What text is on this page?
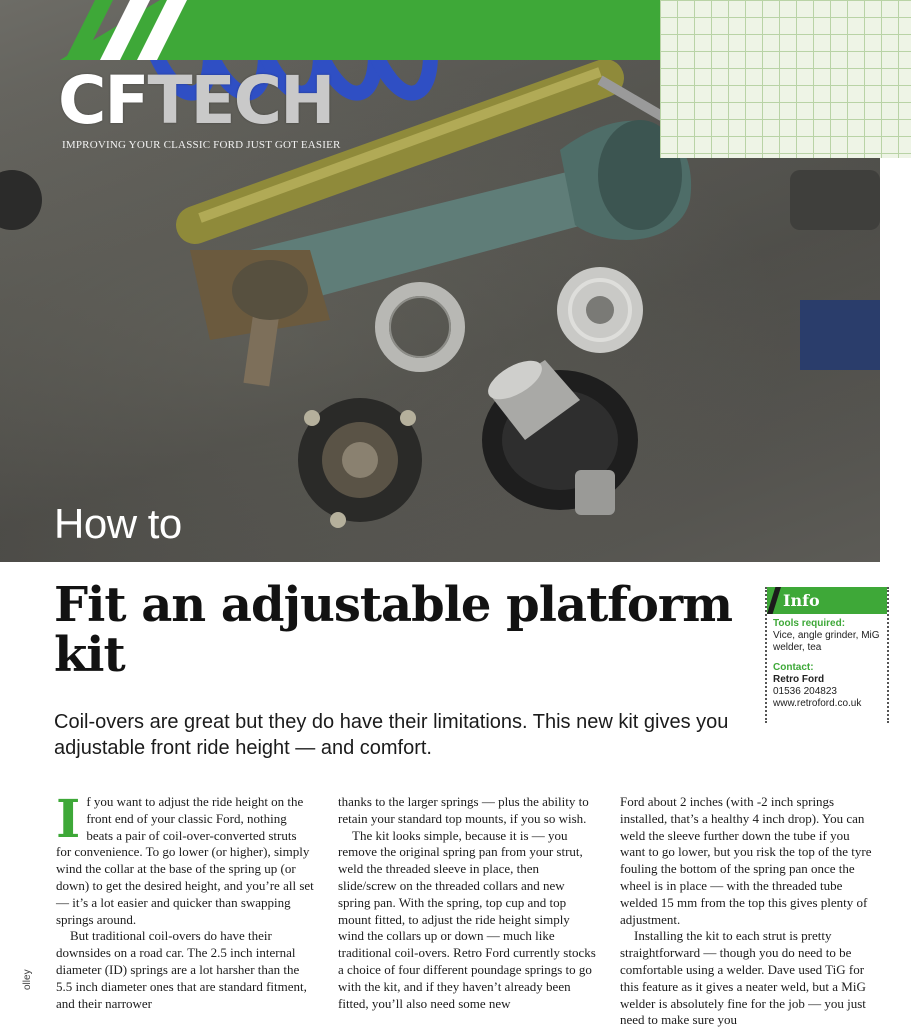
CFTECH
IMPROVING YOUR CLASSIC FORD JUST GOT EASIER
How to
Fit an adjustable platform kit

Coil-overs are great but they do have their limitations. This new kit gives you adjustable front ride height — and comfort.

Info
Tools required:
Vice, angle grinder, MiG welder, tea
Contact:
Retro Ford
01536 204823
www.retroford.co.uk

If you want to adjust the ride height on the front end of your classic Ford, nothing beats a pair of coil-over-converted struts for convenience. To go lower (or higher), simply wind the collar at the base of the spring up (or down) to get the desired height, and you’re all set — it’s a lot easier and quicker than swapping springs around.

But traditional coil-overs do have their downsides on a road car. The 2.5 inch internal diameter (ID) springs are a lot harsher than the 5.5 inch diameter ones that are standard fitment, and their narrower

thanks to the larger springs — plus the ability to retain your standard top mounts, if you so wish.

The kit looks simple, because it is — you remove the original spring pan from your strut, weld the threaded sleeve in place, then slide/screw on the threaded collars and new spring pan. With the spring, top cup and top mount fitted, to adjust the ride height simply wind the collars up or down — much like traditional coil-overs. Retro Ford currently stocks a choice of four different poundage springs to go with the kit, and if they haven’t already been fitted, you’ll also need some new

Ford about 2 inches (with -2 inch springs installed, that’s a healthy 4 inch drop). You can weld the sleeve further down the tube if you want to go lower, but you risk the top of the tyre fouling the bottom of the spring pan once the wheel is in place — with the threaded tube welded 15 mm from the top this gives plenty of adjustment.

Installing the kit to each strut is pretty straightforward — though you do need to be comfortable using a welder. Dave used TiG for this feature as it gives a neater weld, but a MiG welder is absolutely fine for the job — you just need to make sure you

olley
